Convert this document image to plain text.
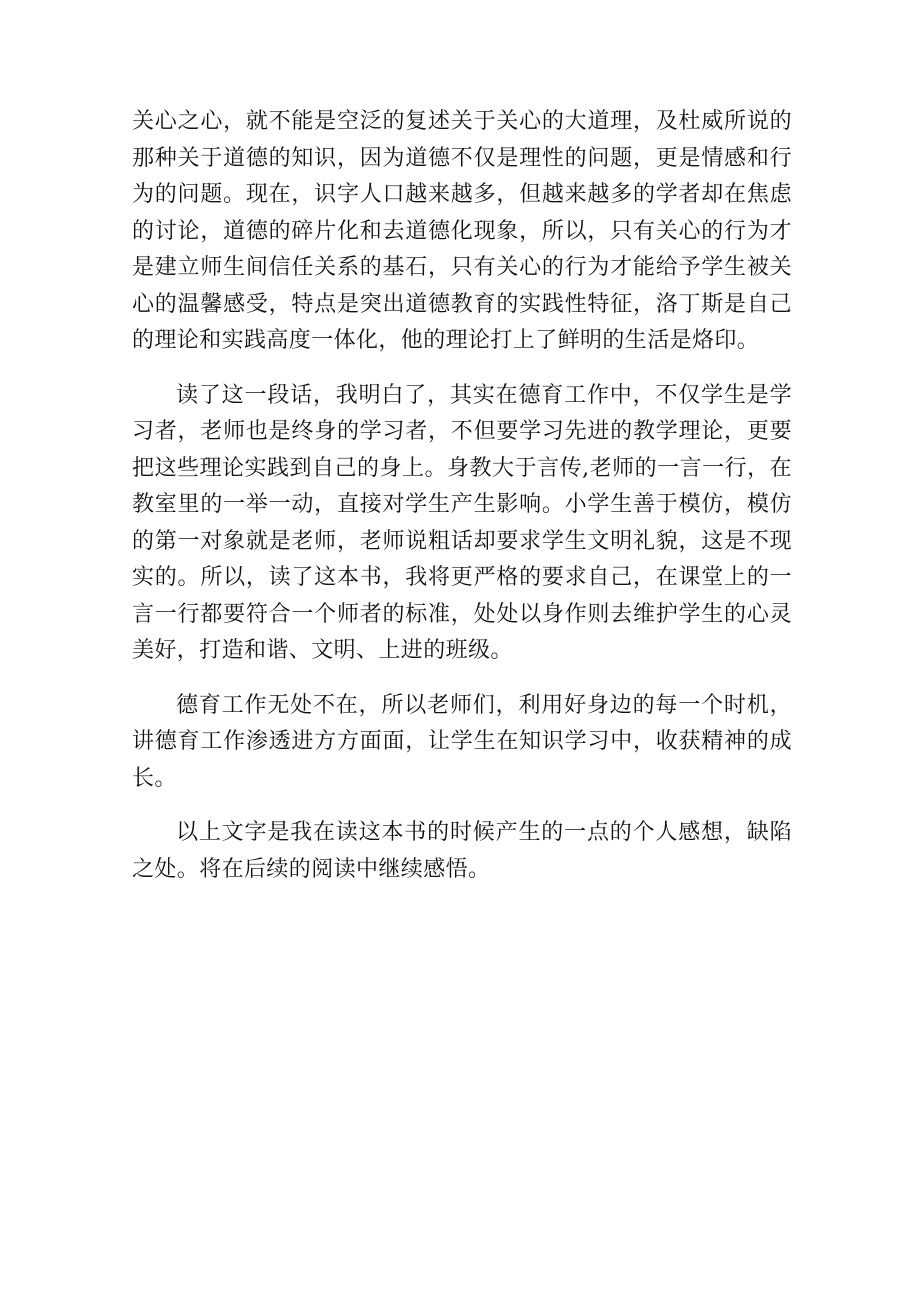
关心之心，就不能是空泛的复述关于关心的大道理，及杜威所说的那种关于道德的知识，因为道德不仅是理性的问题，更是情感和行为的问题。现在，识字人口越来越多，但越来越多的学者却在焦虑的讨论，道德的碎片化和去道德化现象，所以，只有关心的行为才是建立师生间信任关系的基石，只有关心的行为才能给予学生被关心的温馨感受，特点是突出道德教育的实践性特征，洛丁斯是自己的理论和实践高度一体化，他的理论打上了鲜明的生活是烙印。

读了这一段话，我明白了，其实在德育工作中，不仅学生是学习者，老师也是终身的学习者，不但要学习先进的教学理论，更要把这些理论实践到自己的身上。身教大于言传,老师的一言一行，在教室里的一举一动，直接对学生产生影响。小学生善于模仿，模仿的第一对象就是老师，老师说粗话却要求学生文明礼貌，这是不现实的。所以，读了这本书，我将更严格的要求自己，在课堂上的一言一行都要符合一个师者的标准，处处以身作则去维护学生的心灵美好，打造和谐、文明、上进的班级。

德育工作无处不在，所以老师们，利用好身边的每一个时机，讲德育工作渗透进方方面面，让学生在知识学习中，收获精神的成长。

以上文字是我在读这本书的时候产生的一点的个人感想，缺陷之处。将在后续的阅读中继续感悟。
